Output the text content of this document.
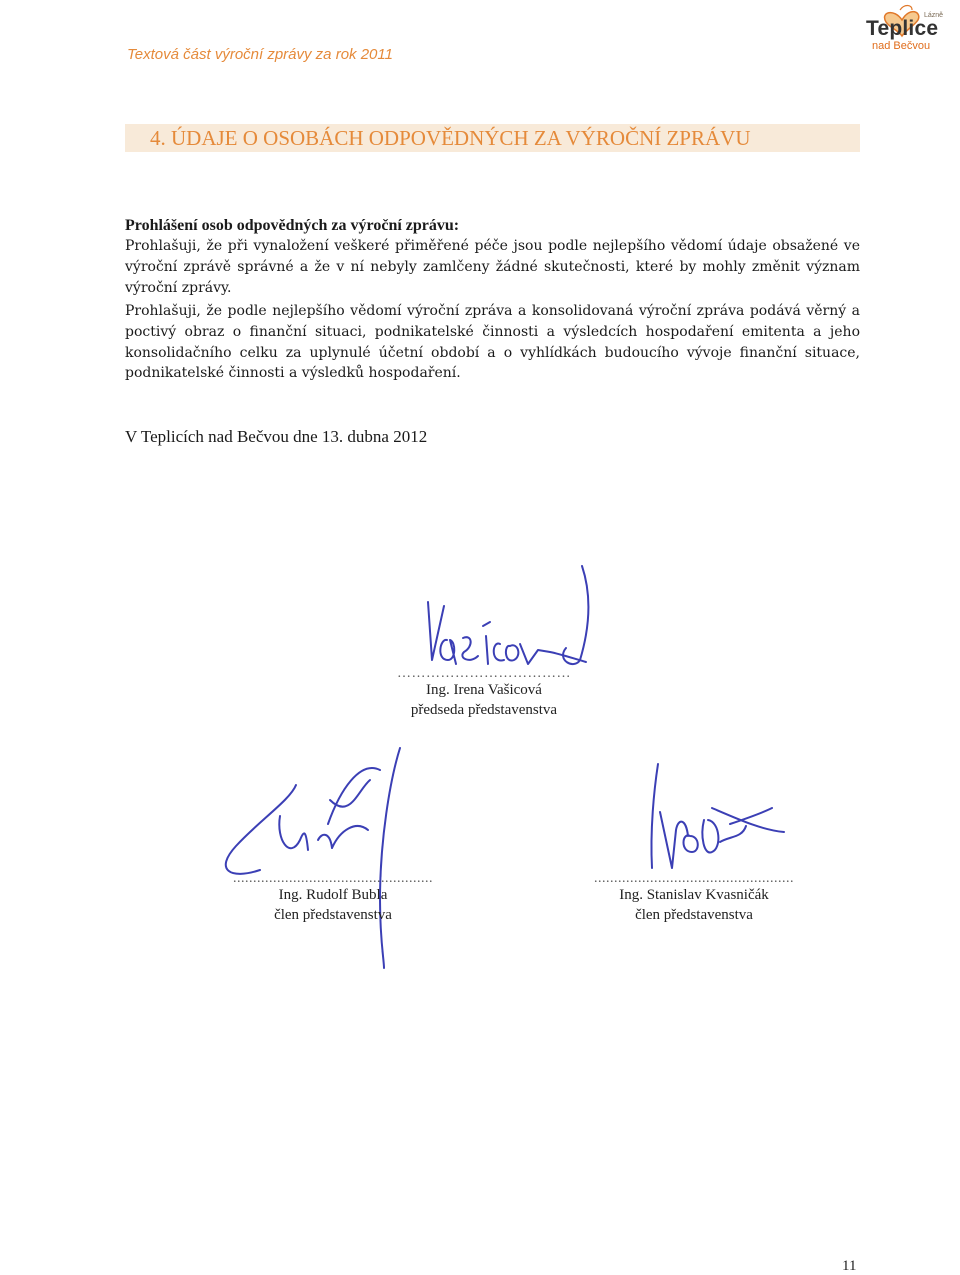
Textová část výroční zprávy za rok 2011
Lázně
Teplice
nad Bečvou
4. ÚDAJE O OSOBÁCH ODPOVĚDNÝCH ZA VÝROČNÍ ZPRÁVU
Prohlášení osob odpovědných za výroční zprávu:
Prohlašuji, že při vynaložení veškeré přiměřené péče jsou podle nejlepšího vědomí údaje obsažené ve výroční zprávě správné a že v ní nebyly zamlčeny žádné skutečnosti, které by mohly změnit význam výroční zprávy.
Prohlašuji, že podle nejlepšího vědomí výroční zpráva a konsolidovaná výroční zpráva podává věrný a poctivý obraz o finanční situaci, podnikatelské činnosti a výsledcích hospodaření emitenta a jeho konsolidačního celku za uplynulé účetní období a o vyhlídkách budoucího vývoje finanční situace, podnikatelské činnosti a výsledků hospodaření.
V Teplicích nad Bečvou dne 13. dubna 2012
………………………………
Ing. Irena Vašicová
předseda představenstva
..................................................
Ing. Rudolf Bubla
člen představenstva
..................................................
Ing. Stanislav Kvasničák
člen představenstva
11
